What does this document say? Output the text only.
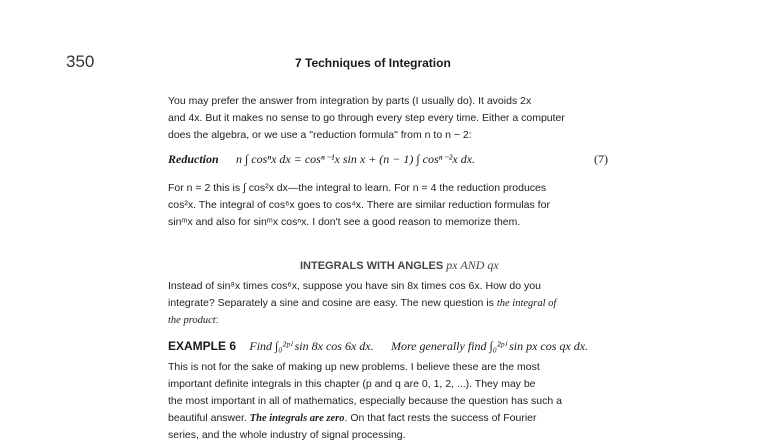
350	7 Techniques of Integration
You may prefer the answer from integration by parts (I usually do). It avoids 2x
and 4x. But it makes no sense to go through every step every time. Either a computer
does the algebra, or we use a "reduction formula" from n to n − 2:
Reduction n ∫ cosⁿx dx = cosⁿ⁻¹x sin x + (n − 1) ∫ cosⁿ⁻²x dx.	(7)
For n = 2 this is ∫ cos²x dx—the integral to learn. For n = 4 the reduction produces
cos²x. The integral of cos⁶x goes to cos⁴x. There are similar reduction formulas for
sinᵐx and also for sinᵐx cosⁿx. I don't see a good reason to memorize them.
INTEGRALS WITH ANGLES px AND qx
Instead of sin⁸x times cos⁶x, suppose you have sin 8x times cos 6x. How do you
integrate? Separately a sine and cosine are easy. The new question is the integral of
the product:
EXAMPLE 6 Find ∫₀²ᵖⁱ sin 8x cos 6x dx. More generally find ∫₀²ᵖⁱ sin px cos qx dx.
This is not for the sake of making up new problems. I believe these are the most
important definite integrals in this chapter (p and q are 0, 1, 2, ...). They may be
the most important in all of mathematics, especially because the question has such a
beautiful answer. The integrals are zero. On that fact rests the success of Fourier
series, and the whole industry of signal processing.
